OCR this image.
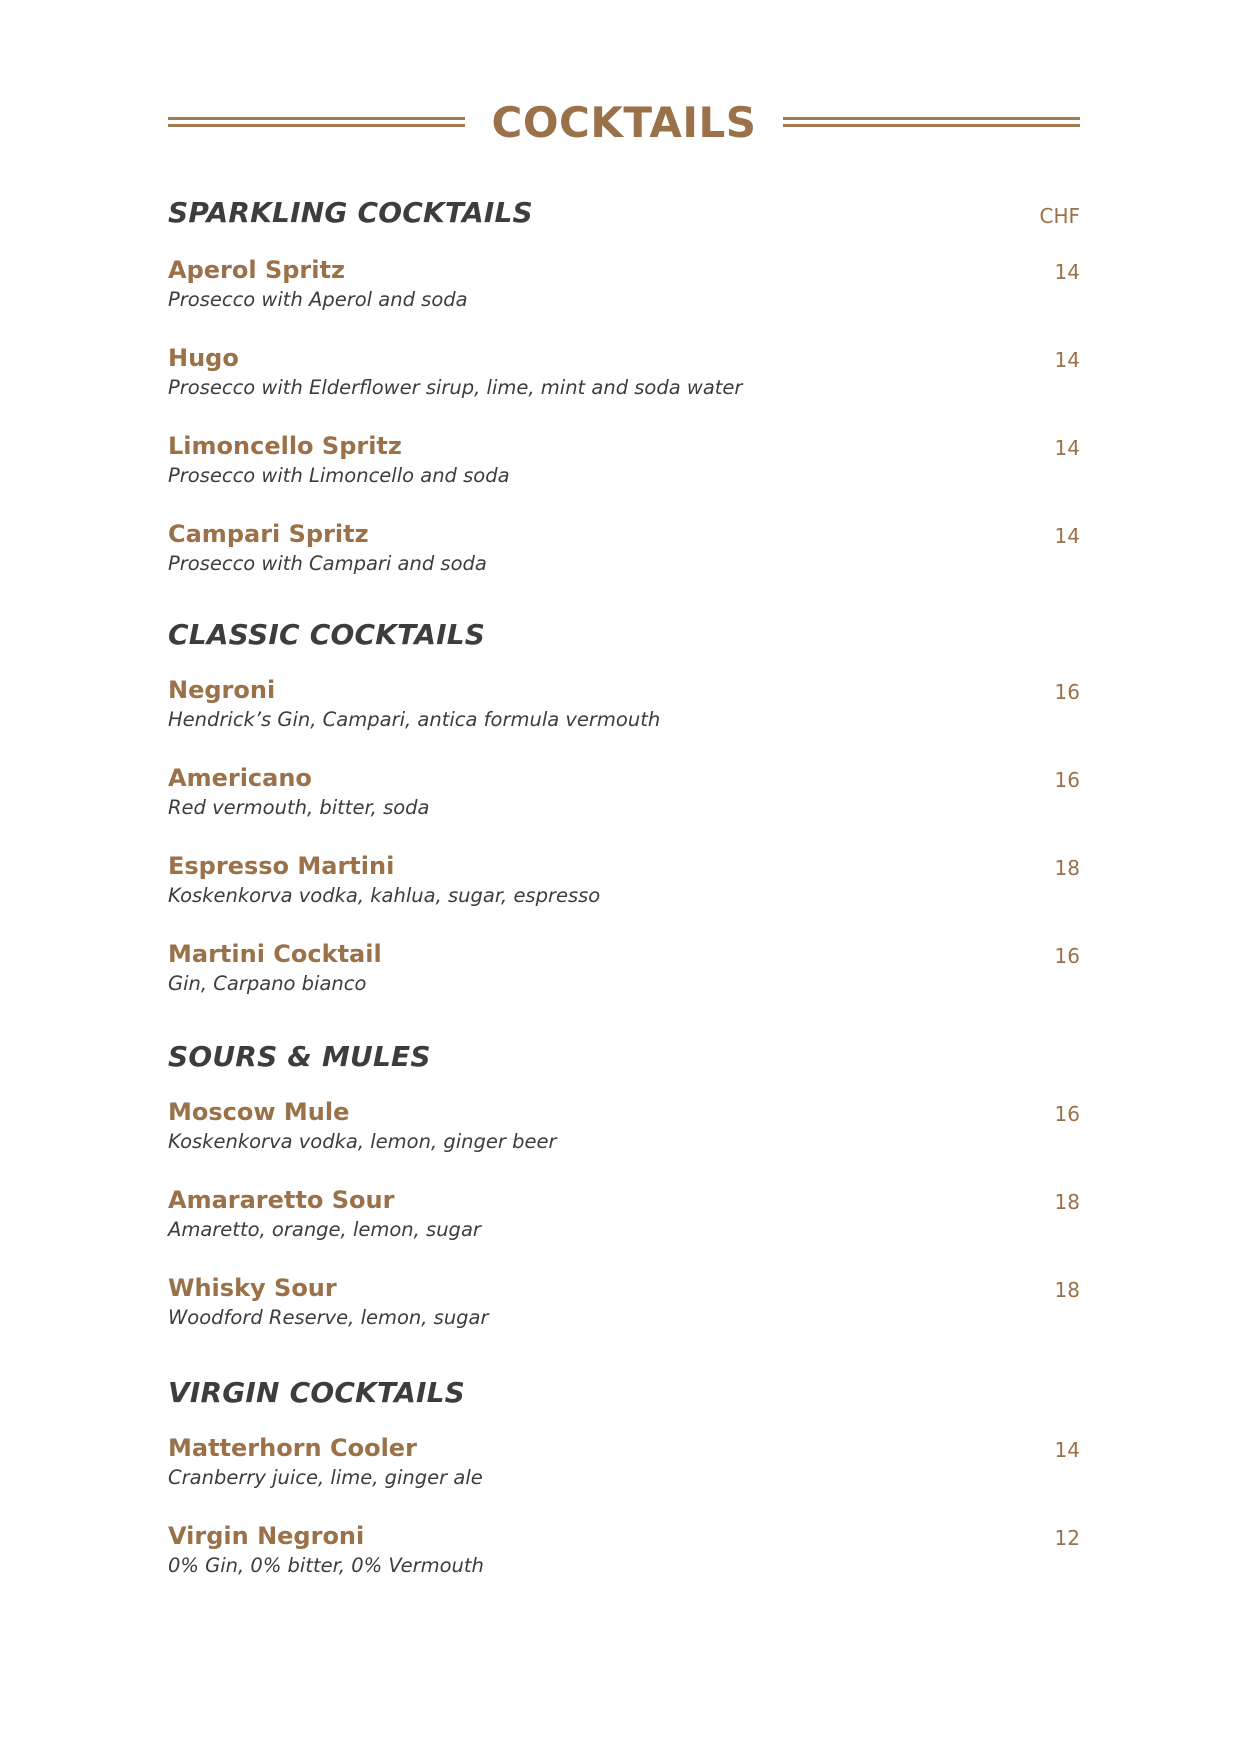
COCKTAILS
SPARKLING COCKTAILS	CHF
Aperol Spritz
Prosecco with Aperol and soda
14
Hugo
Prosecco with Elderflower sirup, lime, mint and soda water
14
Limoncello Spritz
Prosecco with Limoncello and soda
14
Campari Spritz
Prosecco with Campari and soda
14
CLASSIC COCKTAILS
Negroni
Hendrick’s Gin, Campari, antica formula vermouth
16
Americano
Red vermouth, bitter, soda
16
Espresso Martini
Koskenkorva vodka, kahlua, sugar, espresso
18
Martini Cocktail
Gin, Carpano bianco
16
SOURS & MULES
Moscow Mule
Koskenkorva vodka, lemon, ginger beer
16
Amararetto Sour
Amaretto, orange, lemon, sugar
18
Whisky Sour
Woodford Reserve, lemon, sugar
18
VIRGIN COCKTAILS
Matterhorn Cooler
Cranberry juice, lime, ginger ale
14
Virgin Negroni
0% Gin, 0% bitter, 0% Vermouth
12
